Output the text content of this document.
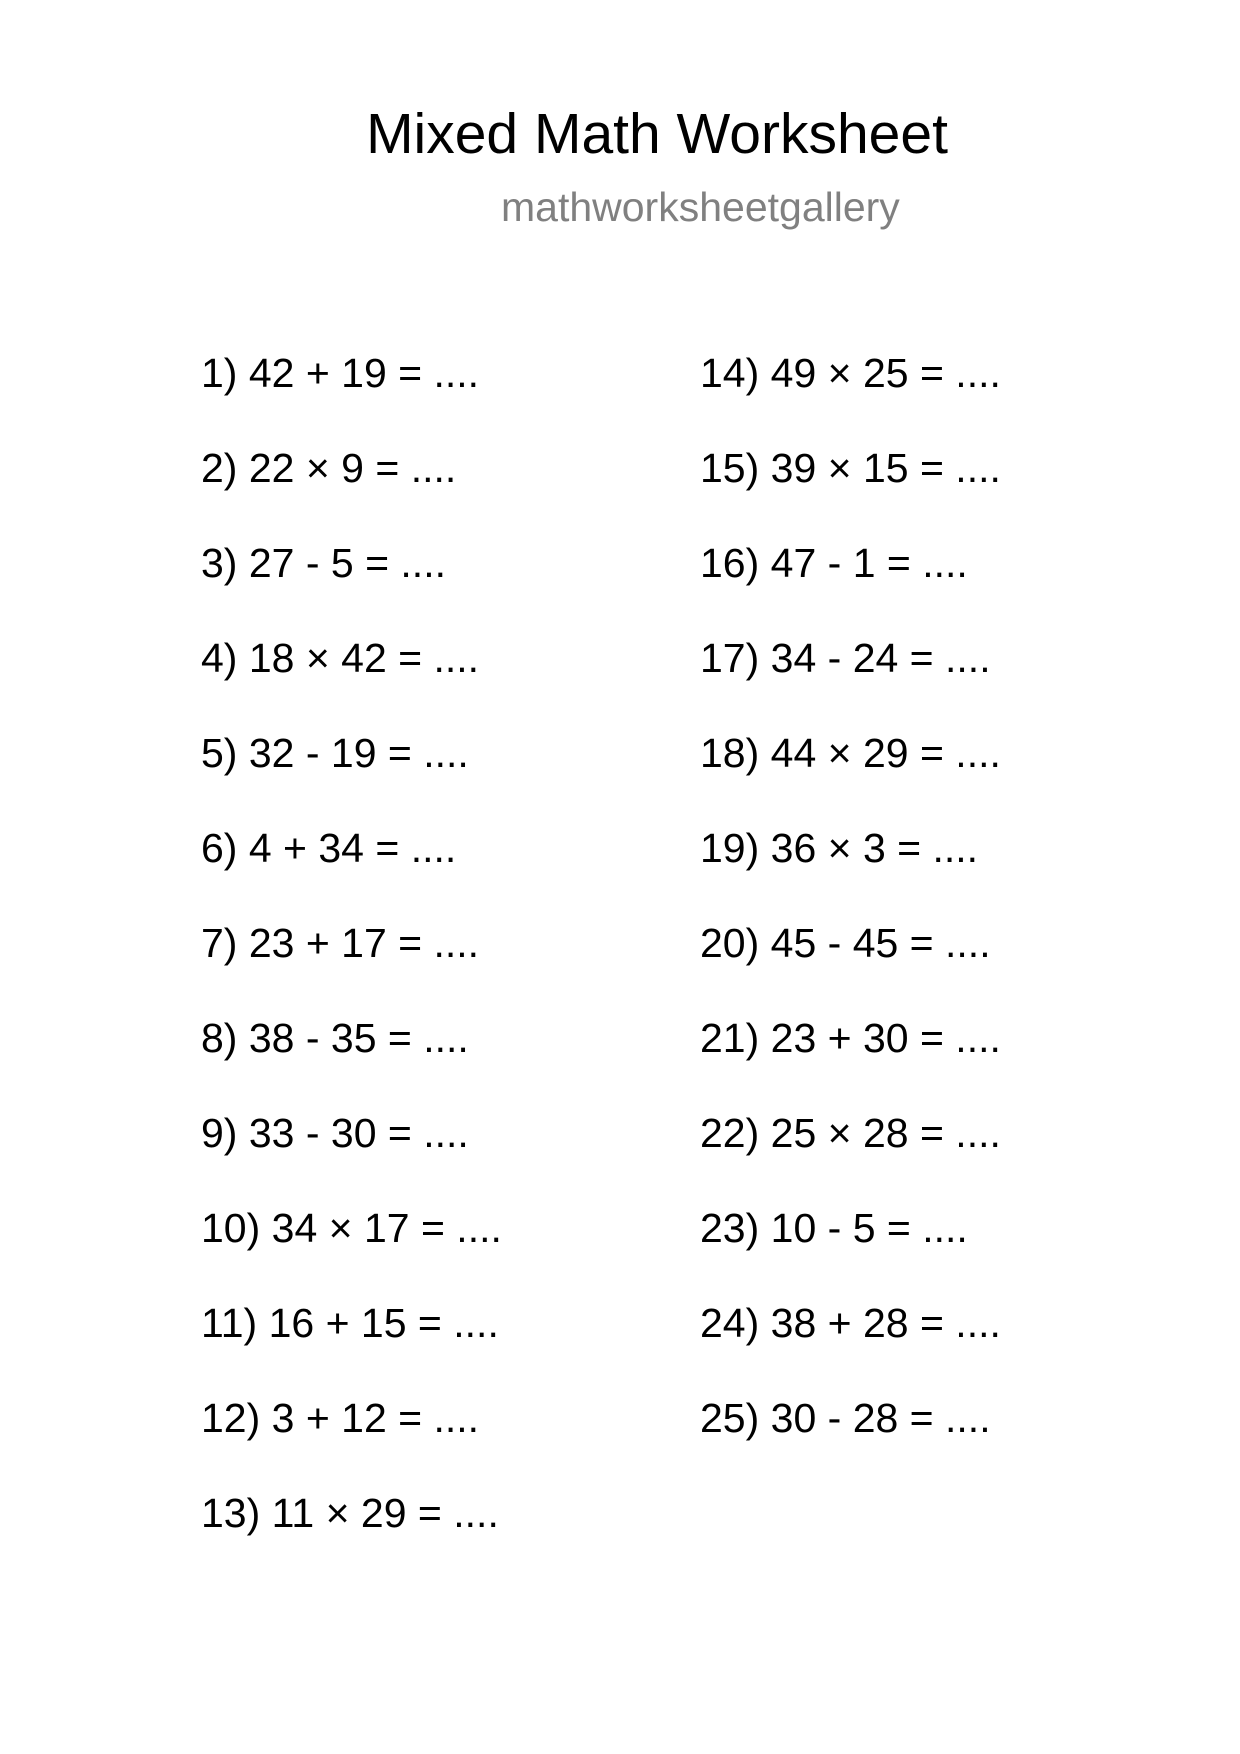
Mixed Math Worksheet
mathworksheetgallery
1) 42 + 19 = ....
2) 22 × 9 = ....
3) 27 - 5 = ....
4) 18 × 42 = ....
5) 32 - 19 = ....
6) 4 + 34 = ....
7) 23 + 17 = ....
8) 38 - 35 = ....
9) 33 - 30 = ....
10) 34 × 17 = ....
11) 16 + 15 = ....
12) 3 + 12 = ....
13) 11 × 29 = ....
14) 49 × 25 = ....
15) 39 × 15 = ....
16) 47 - 1 = ....
17) 34 - 24 = ....
18) 44 × 29 = ....
19) 36 × 3 = ....
20) 45 - 45 = ....
21) 23 + 30 = ....
22) 25 × 28 = ....
23) 10 - 5 = ....
24) 38 + 28 = ....
25) 30 - 28 = ....
